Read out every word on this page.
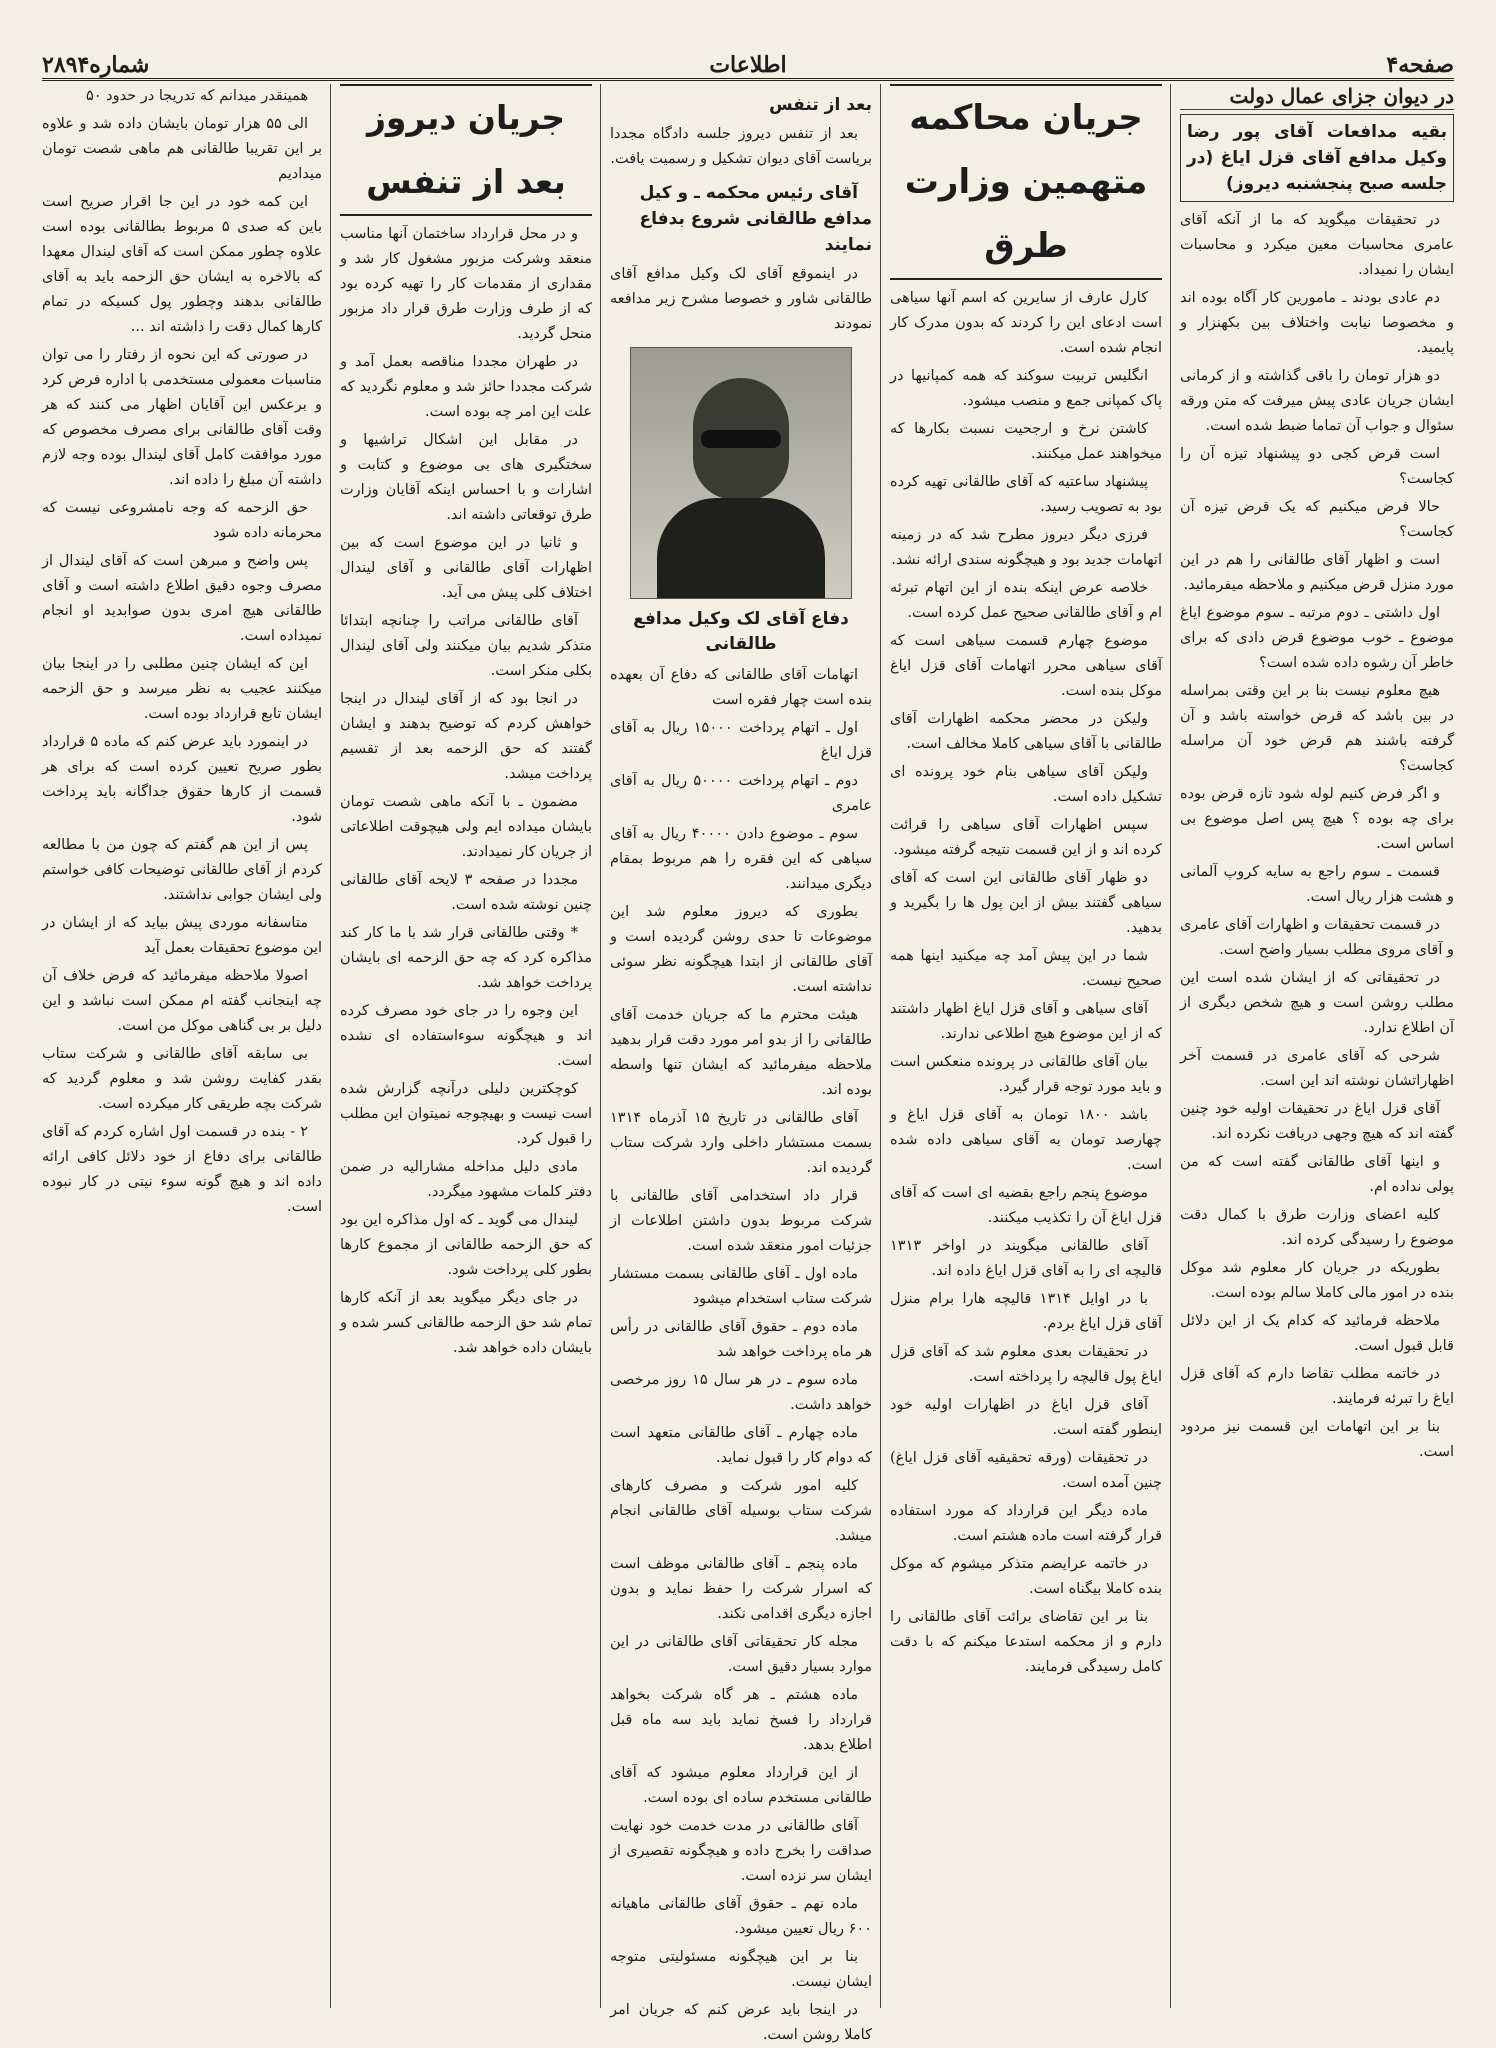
صفحه۴
اطلاعات
شماره۲۸۹۴
در دیوان جزای عمال دولت
بقیه مدافعات آقای پور رضا وکیل مدافع آقای قزل ایاغ (در جلسه صبح پنجشنبه دیروز)

در تحقیقات میگوید که ما از آنکه آقای عامری محاسبات معین میکرد و محاسبات ایشان را نمیداد.

دم عادی بودند ـ مامورین کار آگاه بوده اند و مخصوصا نیابت واختلاف بین بکهنزار و پایمید.

دو هزار تومان را باقی گذاشته و از کرمانی ایشان جریان عادی پیش میرفت که متن ورقه سئوال و جواب آن تماما ضبط شده است.

است قرض کجی دو پیشنهاد تیزه آن را کجاست؟

حالا فرض میکنیم که یک قرض تیزه آن کجاست؟

است و اظهار آقای طالقانی را هم در این مورد منزل قرض میکنیم و ملاحظه میفرمائید.

اول داشتی ـ دوم مرتبه ـ سوم موضوع ایاغ موضوع ـ خوب موضوع قرض دادی که برای خاطر آن رشوه داده شده است؟

هیچ معلوم نیست بنا بر این وقتی بمراسله در بین باشد که قرض خواسته باشد و آن گرفته باشند هم قرض خود آن مراسله کجاست؟

و اگر فرض کنیم لوله شود تازه قرض بوده برای چه بوده ؟ هیچ پس اصل موضوع بی اساس است.

قسمت ـ سوم راجع به سایه کروپ آلمانی و هشت هزار ریال است.

در قسمت تحقیقات و اظهارات آقای عامری و آقای مروی مطلب بسیار واضح است.

در تحقیقاتی که از ایشان شده است این مطلب روشن است و هیچ شخص دیگری از آن اطلاع ندارد.

شرحی که آقای عامری در قسمت آخر اظهاراتشان نوشته اند این است.

آقای قزل ایاغ در تحقیقات اولیه خود چنین گفته اند که هیچ وجهی دریافت نکرده اند.

و اینها آقای طالقانی گفته است که من پولی نداده ام.

کلیه اعضای وزارت طرق با کمال دقت موضوع را رسیدگی کرده اند.

بطوریکه در جریان کار معلوم شد موکل بنده در امور مالی کاملا سالم بوده است.

ملاحظه فرمائید که کدام یک از این دلائل قابل قبول است.

در خاتمه مطلب تقاضا دارم که آقای قزل ایاغ را تبرئه فرمایند.

بنا بر این اتهامات این قسمت نیز مردود است.

جریان محاکمه متهمین وزارت طرق

کارل عارف از سایرین که اسم آنها سیاهی است ادعای این را کردند که بدون مدرک کار انجام شده است.

انگلیس تربیت سوکند که همه کمپانیها در پاک کمپانی جمع و منصب میشود.

کاشتن نرخ و ارجحیت نسبت بکارها که میخواهند عمل میکنند.

پیشنهاد ساعتیه که آقای طالقانی تهیه کرده بود به تصویب رسید.

فرزی دیگر دیروز مطرح شد که در زمینه اتهامات جدید بود و هیچگونه سندی ارائه نشد.

خلاصه عرض اینکه بنده از این اتهام تبرئه ام و آقای طالقانی صحیح عمل کرده است.

موضوع چهارم قسمت سیاهی است که آقای سیاهی محرر اتهامات آقای قزل ایاغ موکل بنده است.

ولیکن در محضر محکمه اظهارات آقای طالقانی با آقای سیاهی کاملا مخالف است.

ولیکن آقای سیاهی بنام خود پرونده ای تشکیل داده است.

سپس اظهارات آقای سیاهی را قرائت کرده اند و از این قسمت نتیجه گرفته میشود.

دو ظهار آقای طالقانی این است که آقای سیاهی گفتند بیش از این پول ها را بگیرید و بدهید.

شما در این پیش آمد چه میکنید اینها همه صحیح نیست.

آقای سیاهی و آقای قزل ایاغ اظهار داشتند که از این موضوع هیچ اطلاعی ندارند.

بیان آقای طالقانی در پرونده منعکس است و باید مورد توجه قرار گیرد.

باشد ۱۸۰۰ تومان به آقای قزل ایاغ و چهارصد تومان به آقای سیاهی داده شده است.

موضوع پنجم راجع بقضیه ای است که آقای قزل ایاغ آن را تکذیب میکنند.

آقای طالقانی میگویند در اواخر ۱۳۱۳ قالیچه ای را به آقای قزل ایاغ داده اند.

با در اوایل ۱۳۱۴ قالیچه هارا برام منزل آقای قزل ایاغ بردم.

در تحقیقات بعدی معلوم شد که آقای قزل ایاغ پول قالیچه را پرداخته است.

آقای قزل ایاغ در اظهارات اولیه خود اینطور گفته است.

در تحقیقات (ورقه تحقیقیه آقای قزل ایاغ) چنین آمده است.

ماده دیگر این قرارداد که مورد استفاده قرار گرفته است ماده هشتم است.

در خاتمه عرایضم متذکر میشوم که موکل بنده کاملا بیگناه است.

بنا بر این تقاضای برائت آقای طالقانی را دارم و از محکمه استدعا میکنم که با دقت کامل رسیدگی فرمایند.

بعد از تنفس

بعد از تنفس دیروز جلسه دادگاه مجددا بریاست آقای دیوان تشکیل و رسمیت یافت.

آقای رئیس محکمه ـ و کیل مدافع طالقانی شروع بدفاع نمایند

در اینموقع آقای لک وکیل مدافع آقای طالقانی شاور و خصوصا مشرح زیر مدافعه نمودند

دفاع آقای لک وکیل مدافع طالقانی

اتهامات آقای طالقانی که دفاع آن بعهده بنده است چهار فقره است

اول ـ اتهام پرداخت ۱۵۰۰۰ ریال به آقای قزل ایاغ

دوم ـ اتهام پرداخت ۵۰۰۰۰ ریال به آقای عامری

سوم ـ موضوع دادن ۴۰۰۰۰ ریال به آقای سیاهی که این فقره را هم مربوط بمقام دیگری میدانند.

بطوری که دیروز معلوم شد این موضوعات تا حدی روشن گردیده است و آقای طالقانی از ابتدا هیچگونه نظر سوئی نداشته است.

هیئت محترم ما که جریان خدمت آقای طالقانی را از بدو امر مورد دقت قرار بدهید ملاحظه میفرمائید که ایشان تنها واسطه بوده اند.

آقای طالقانی در تاریخ ۱۵ آذرماه ۱۳۱۴ بسمت مستشار داخلی وارد شرکت ستاب گردیده اند.

قرار داد استخدامی آقای طالقانی با شرکت مربوط بدون داشتن اطلاعات از جزئیات امور منعقد شده است.

ماده اول ـ آقای طالقانی بسمت مستشار شرکت ستاب استخدام میشود

ماده دوم ـ حقوق آقای طالقانی در رأس هر ماه پرداخت خواهد شد

ماده سوم ـ در هر سال ۱۵ روز مرخصی خواهد داشت.

ماده چهارم ـ آقای طالقانی متعهد است که دوام کار را قبول نماید.

کلیه امور شرکت و مصرف کارهای شرکت ستاب بوسیله آقای طالقانی انجام میشد.

ماده پنجم ـ آقای طالقانی موظف است که اسرار شرکت را حفظ نماید و بدون اجازه دیگری اقدامی نکند.

مجله کار تحقیقاتی آقای طالقانی در این موارد بسیار دقیق است.

ماده هشتم ـ هر گاه شرکت بخواهد قرارداد را فسخ نماید باید سه ماه قبل اطلاع بدهد.

از این قرارداد معلوم میشود که آقای طالقانی مستخدم ساده ای بوده است.

آقای طالقانی در مدت خدمت خود نهایت صداقت را بخرج داده و هیچگونه تقصیری از ایشان سر نزده است.

ماده نهم ـ حقوق آقای طالقانی ماهیانه ۶۰۰ ریال تعیین میشود.

بنا بر این هیچگونه مسئولیتی متوجه ایشان نیست.

در اینجا باید عرض کنم که جریان امر کاملا روشن است.

جریان دیروز بعد از تنفس

و در محل قرارداد ساختمان آنها مناسب منعقد وشرکت مزبور مشغول کار شد و مقداری از مقدمات کار را تهیه کرده بود که از طرف وزارت طرق قرار داد مزبور منحل گردید.

در طهران مجددا مناقصه بعمل آمد و شرکت مجددا حائز شد و معلوم نگردید که علت این امر چه بوده است.

در مقابل این اشکال تراشیها و سختگیری های بی موضوع و کتابت و اشارات و با احساس اینکه آقایان وزارت طرق توقعاتی داشته اند.

و ثانیا در این موضوع است که بین اظهارات آقای طالقانی و آقای لیندال اختلاف کلی پیش می آید.

آقای طالقانی مراتب را چنانچه ابتدائا متذکر شدیم بیان میکنند ولی آقای لیندال بکلی منکر است.

در انجا بود که از آقای لیندال در اینجا خواهش کردم که توضیح بدهند و ایشان گفتند که حق الزحمه بعد از تقسیم پرداخت میشد.

مضمون ـ با آنکه ماهی شصت تومان بایشان میداده ایم ولی هیچوقت اطلاعاتی از جریان کار نمیدادند.

مجددا در صفحه ۳ لایحه آقای طالقانی چنین نوشته شده است.

* وقتی طالقانی قرار شد با ما کار کند مذاکره کرد که چه حق الزحمه ای بایشان پرداخت خواهد شد.

این وجوه را در جای خود مصرف کرده اند و هیچگونه سوءاستفاده ای نشده است.

کوچکترین دلیلی درآنچه گزارش شده است نیست و بهیچوجه نمیتوان این مطلب را قبول کرد.

مادی دلیل مداخله مشارالیه در ضمن دفتر کلمات مشهود میگردد.

لیندال می گوید ـ که اول مذاکره این بود که حق الزحمه طالقانی از مجموع کارها بطور کلی پرداخت شود.

در جای دیگر میگوید بعد از آنکه کارها تمام شد حق الزحمه طالقانی کسر شده و بایشان داده خواهد شد.

همینقدر میدانم که تدریجا در حدود ۵۰

الی ۵۵ هزار تومان بایشان داده شد و علاوه بر این تقریبا طالقانی هم ماهی شصت تومان میدادیم

این کمه خود در این جا اقرار صریح است باین که صدی ۵ مربوط بطالقانی بوده است علاوه چطور ممکن است که آقای لیندال معهدا که بالاخره به ایشان حق الزحمه باید به آقای طالقانی بدهند وچطور پول کسیکه در تمام کارها کمال دقت را داشته اند ...

در صورتی که این نحوه از رفتار را می توان مناسبات معمولی مستخدمی با اداره فرض کرد و برعکس این آقایان اظهار می کنند که هر وقت آقای طالقانی برای مصرف مخصوص که مورد موافقت کامل آقای لیندال بوده وجه لازم داشته آن مبلغ را داده اند.

حق الزحمه که وجه نامشروعی نیست که محرمانه داده شود

پس واضح و مبرهن است که آقای لیندال از مصرف وجوه دقیق اطلاع داشته است و آقای طالقانی هیچ امری بدون صوابدید او انجام نمیداده است.

این که ایشان چنین مطلبی را در اینجا بیان میکنند عجیب به نظر میرسد و حق الزحمه ایشان تابع قرارداد بوده است.

در اینمورد باید عرض کنم که ماده ۵ قرارداد بطور صریح تعیین کرده است که برای هر قسمت از کارها حقوق جداگانه باید پرداخت شود.

پس از این هم گفتم که چون من با مطالعه کردم از آقای طالقانی توضیحات کافی خواستم ولی ایشان جوابی نداشتند.

متاسفانه موردی پیش بیاید که از ایشان در این موضوع تحقیقات بعمل آید

اصولا ملاحظه میفرمائید که فرض خلاف آن چه اینجانب گفته ام ممکن است نباشد و این دلیل بر بی گناهی موکل من است.

بی سابقه آقای طالقانی و شرکت ستاب بقدر کفایت روشن شد و معلوم گردید که شرکت بچه طریقی کار میکرده است.

۲ - بنده در قسمت اول اشاره کردم که آقای طالقانی برای دفاع از خود دلائل کافی ارائه داده اند و هیچ گونه سوء نیتی در کار نبوده است.
